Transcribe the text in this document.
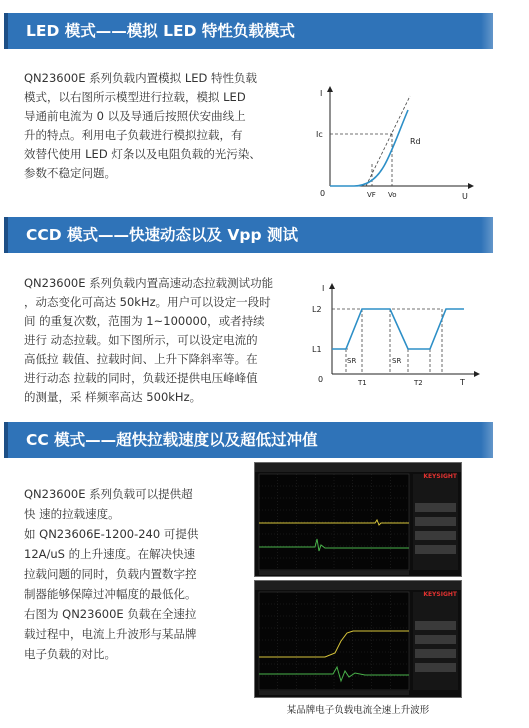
LED 模式——模拟 LED 特性负载模式

QN23600E 系列负载内置模拟 LED 特性负载

模式，以右图所示模型进行拉载，模拟 LED

导通前电流为 0 以及导通后按照伏安曲线上

升的特点。利用电子负载进行模拟拉载，有

效替代使用 LED 灯条以及电阻负载的光污染、

参数不稳定问题。

I
U
0
Ic
Rd
VF Vo
CCD 模式——快速动态以及 Vpp 测试

QN23600E 系列负载内置高速动态拉载测试功能

，动态变化可高达 50kHz。用户可以设定一段时

间 的重复次数，范围为 1~100000，或者持续

进行 动态拉载。如下图所示，可以设定电流的

高低拉 载值、拉载时间、上升下降斜率等。在

进行动态 拉载的同时，负载还提供电压峰峰值

的测量，采 样频率高达 500kHz。

I
T
0
L2
L1
SR	SR
T1	T2
CC 模式——超快拉载速度以及超低过冲值

QN23600E 系列负载可以提供超

快 速的拉载速度。

如 QN23606E-1200-240 可提供

12A/uS 的上升速度。在解决快速

拉载问题的同时，负载内置数字控

制器能够保障过冲幅度的最低化。

右图为 QN23600E 负载在全速拉

载过程中，电流上升波形与某品牌

电子负载的对比。

KEYSIGHT
KEYSIGHT
某品牌电子负载电流全速上升波形
